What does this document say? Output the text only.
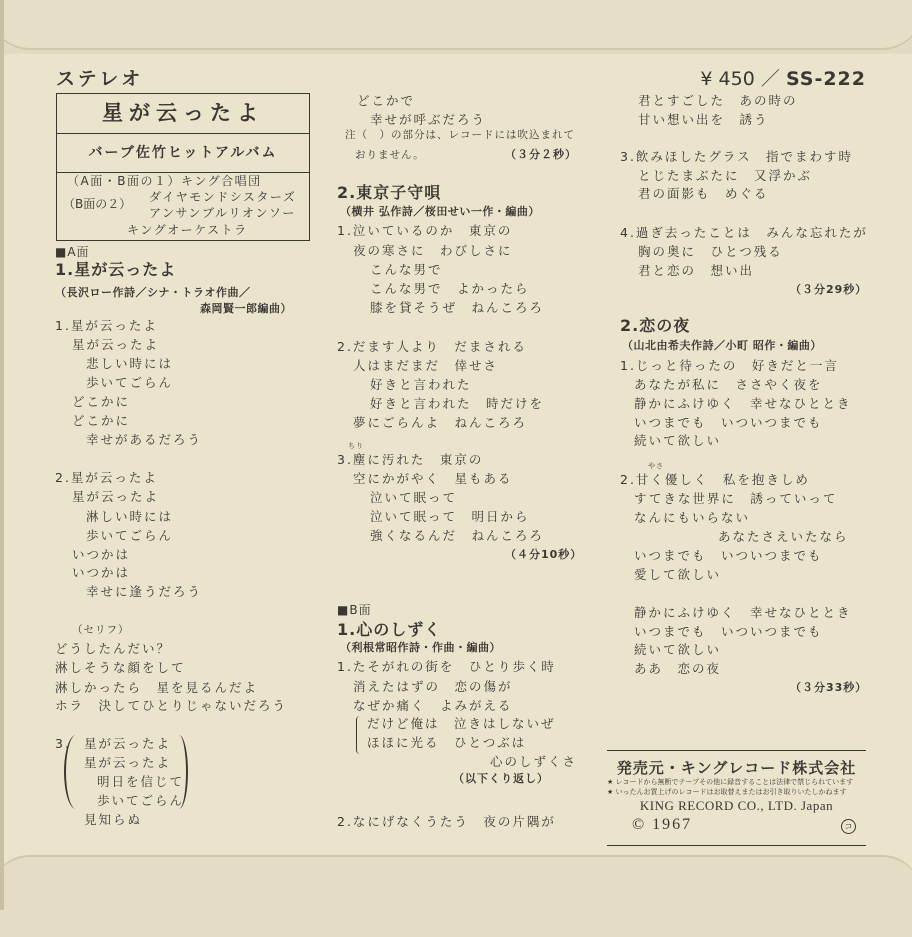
ステレオ	¥ 450 ／ SS-222
星が云ったよ
バーブ佐竹ヒットアルバム
（A面・B面の１）キング合唱団
（B面の２） ダイヤモンドシスターズ
アンサンブルリオンソー
キングオーケストラ
ちり
やさ
■A面
1.星が云ったよ
（長沢ロー作詩／シナ・トラオ作曲／
森岡賢一郎編曲）
1.星が云ったよ
星が云ったよ
悲しい時には
歩いてごらん
どこかに
どこかに
幸せがあるだろう
2.星が云ったよ
星が云ったよ
淋しい時には
歩いてごらん
いつかは
いつかは
幸せに逢うだろう
（セリフ）
どうしたんだい？
淋しそうな顔をして
淋しかったら　星を見るんだよ
ホラ　決してひとりじゃないだろう
3. 星が云ったよ
星が云ったよ
明日を信じて
歩いてごらん
見知らぬ
どこかで
幸せが呼ぶだろう
注（　）の部分は、レコードには吹込まれて
おりません。	（３分２秒）
2.東京子守唄
（横井 弘作詩／桜田せい一作・編曲）
1.泣いているのか　東京の
夜の寒さに　わびしさに
こんな男で
こんな男で　よかったら
膝を貸そうぜ　ねんころろ
2.だます人より　だまされる
人はまだまだ　倖せさ
好きと言われた
好きと言われた　時だけを
夢にごらんよ　ねんころろ
3.塵に汚れた　東京の
空にかがやく　星もある
泣いて眠って
泣いて眠って　明日から
強くなるんだ　ねんころろ
（４分10秒）
■B面
1.心のしずく
（利根常昭作詩・作曲・編曲）
1.たそがれの街を　ひとり歩く時
消えたはずの　恋の傷が
なぜか痛く　よみがえる
だけど俺は　泣きはしないぜ
ほほに光る　ひとつぶは
心のしずくさ
（以下くり返し）
2.なにげなくうたう　夜の片隅が
君とすごした　あの時の
甘い想い出を　誘う
3.飲みほしたグラス　指でまわす時
とじたまぶたに　又浮かぶ
君の面影も　めぐる
4.過ぎ去ったことは　みんな忘れたが
胸の奥に　ひとつ残る
君と恋の　想い出
（３分29秒）
2.恋の夜
（山北由希夫作詩／小町 昭作・編曲）
1.じっと待ったの　好きだと一言
あなたが私に　ささやく夜を
静かにふけゆく　幸せなひととき
いつまでも　いついつまでも
続いて欲しい
2.甘く優しく　私を抱きしめ
すてきな世界に　誘っていって
なんにもいらない
あなたさえいたなら
いつまでも　いついつまでも
愛して欲しい
静かにふけゆく　幸せなひととき
いつまでも　いついつまでも
続いて欲しい
ああ　恋の夜
（３分33秒）
発売元・キングレコード株式会社
★ レコードから無断でテープその他に録音することは法律で禁じられています
★ いったんお買上げのレコードはお取替えまたはお引き取りいたしかねます
KING RECORD CO., LTD. Japan
© 1967	コ
